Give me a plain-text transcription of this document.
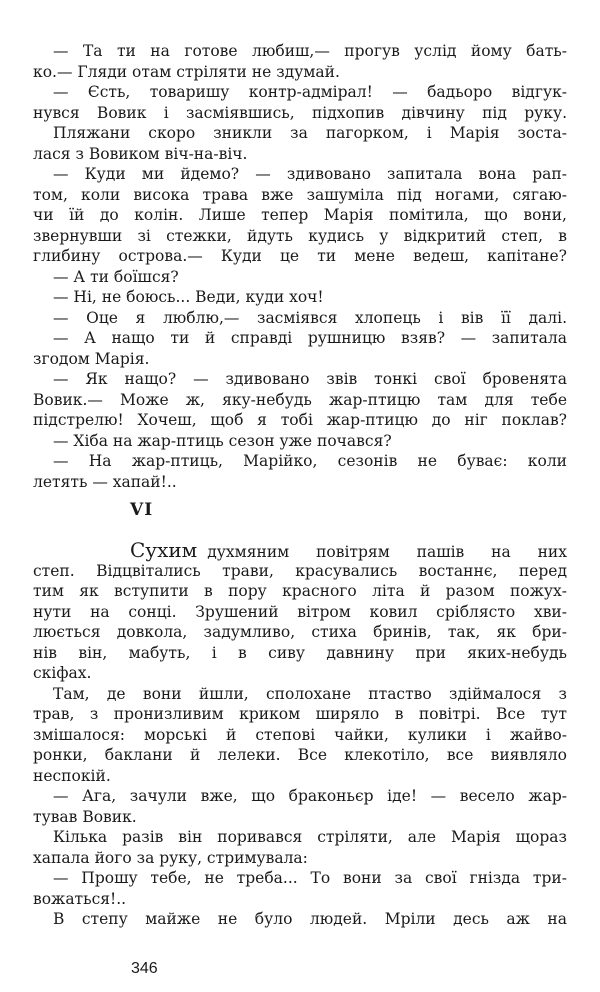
— Та ти на готове любиш,— прогув услід йому бать-
ко.— Гляди отам стріляти не здумай.
— Єсть, товаришу контр-адмірал! — бадьоро відгук-
нувся Вовик і засміявшись, підхопив дівчину під руку.
Пляжани скоро зникли за пагорком, і Марія зоста-
лася з Вовиком віч-на-віч.
— Куди ми йдемо? — здивовано запитала вона рап-
том, коли висока трава вже зашуміла під ногами, сягаю-
чи їй до колін. Лише тепер Марія помітила, що вони,
звернувши зі стежки, йдуть кудись у відкритий степ, в
глибину острова.— Куди це ти мене ведеш, капітане?
— А ти боїшся?
— Ні, не боюсь... Веди, куди хоч!
— Оце я люблю,— засміявся хлопець і вів її далі.
— А нащо ти й справді рушницю взяв? — запитала
згодом Марія.
— Як нащо? — здивовано звів тонкі свої бровенята
Вовик.— Може ж, яку-небудь жар-птицю там для тебе
підстрелю! Хочеш, щоб я тобі жар-птицю до ніг поклав?
— Хіба на жар-птиць сезон уже почався?
— На жар-птиць, Марійко, сезонів не буває: коли
летять — хапай!..
VI
Сухим духмяним повітрям пашів на них
степ. Відцвітались трави, красувались востаннє, перед
тим як вступити в пору красного літа й разом пожух-
нути на сонці. Зрушений вітром ковил сріблясто хви-
люється довкола, задумливо, стиха бринів, так, як бри-
нів він, мабуть, і в сиву давнину при яких-небудь
скіфах.
Там, де вони йшли, сполохане птаство здіймалося з
трав, з пронизливим криком ширяло в повітрі. Все тут
змішалося: морські й степові чайки, кулики і жайво-
ронки, баклани й лелеки. Все клекотіло, все виявляло
неспокій.
— Ага, зачули вже, що браконьєр іде! — весело жар-
тував Вовик.
Кілька разів він поривався стріляти, але Марія щораз
хапала його за руку, стримувала:
— Прошу тебе, не треба... То вони за свої гнізда три-
вожаться!..
В степу майже не було людей. Мріли десь аж на
346
